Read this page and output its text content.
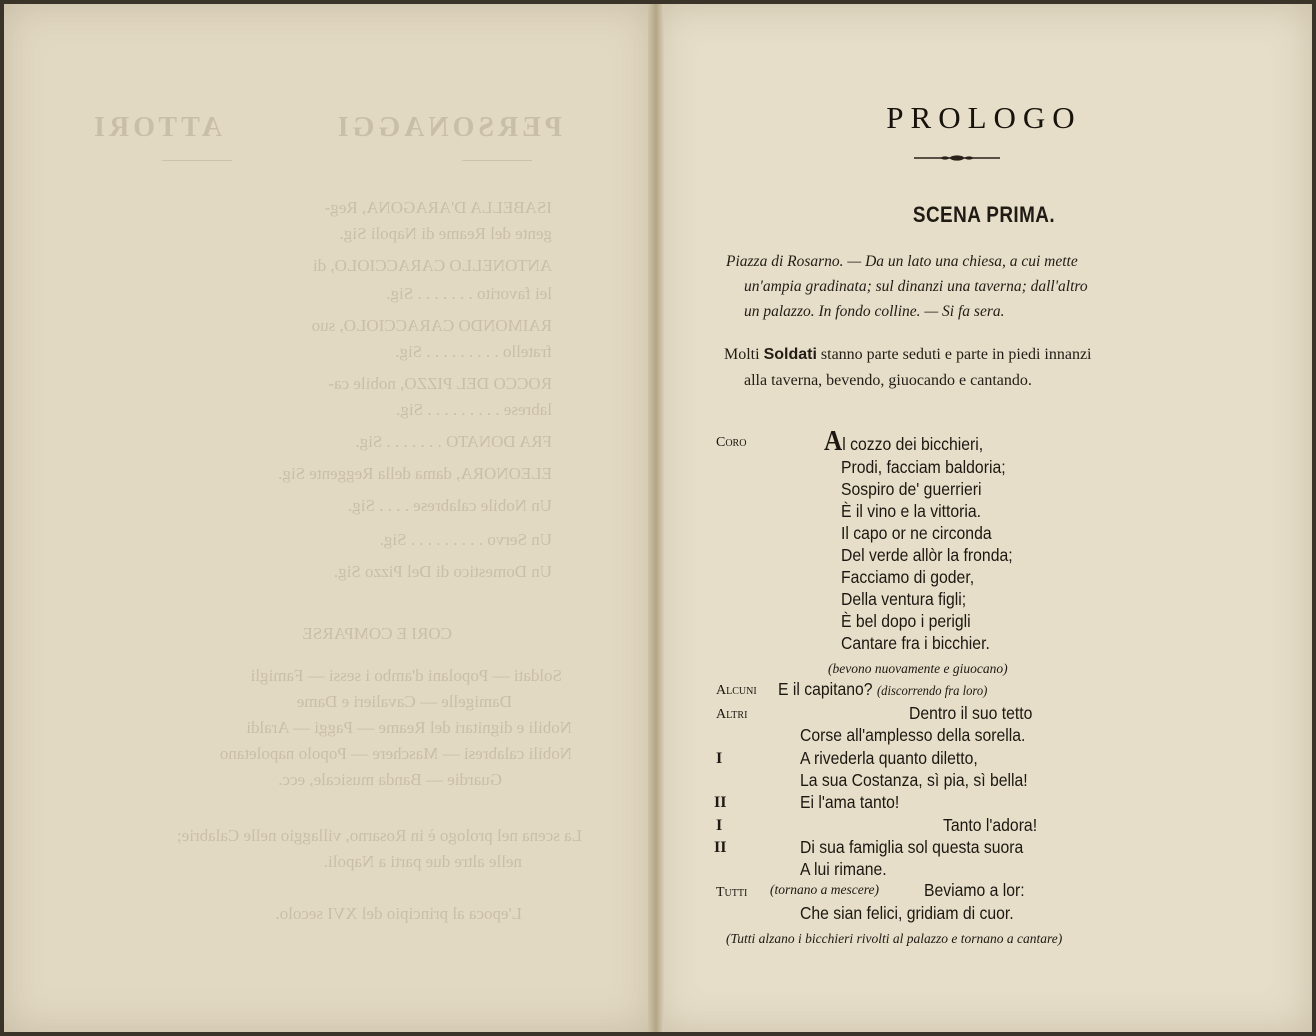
PERSONAGGI
ATTORI
ISABELLA D'ARAGONA, Reg-
gente del Reame di Napoli Sig.
ANTONELLO CARACCIOLO, di
lei favorito . . . . . . . Sig.
RAIMONDO CARACCIOLO, suo
fratello . . . . . . . . . Sig.
ROCCO DEL PIZZO, nobile ca-
labrese . . . . . . . . . Sig.
FRA DONATO . . . . . . . Sig.
ELEONORA, dama della Reggente Sig.
Un Nobile calabrese . . . . Sig.
Un Servo . . . . . . . . . Sig.
Un Domestico di Del Pizzo Sig.
CORI E COMPARSE
Soldati — Popolani d'ambo i sessi — Famigli
Damigelle — Cavalieri e Dame
Nobili e dignitari del Reame — Paggi — Araldi
Nobili calabresi — Maschere — Popolo napoletano
Guardie — Banda musicale, ecc.
La scena nel prologo è in Rosarno, villaggio nelle Calabrie;
nelle altre due parti a Napoli.
L'epoca al principio del XVI secolo.
PROLOGO
SCENA PRIMA.
Piazza di Rosarno. — Da un lato una chiesa, a cui mette
un'ampia gradinata; sul dinanzi una taverna; dall'altro
un palazzo. In fondo colline. — Si fa sera.
Molti Soldati stanno parte seduti e parte in piedi innanzi
alla taverna, bevendo, giuocando e cantando.
Coro	Al cozzo dei bicchieri,
Prodi, facciam baldoria;
Sospiro de' guerrieri
È il vino e la vittoria.
Il capo or ne circonda
Del verde allòr la fronda;
Facciamo di goder,
Della ventura figli;
È bel dopo i perigli
Cantare fra i bicchier.
(bevono nuovamente e giuocano)
Alcuni E il capitano? (discorrendo fra loro)
Altri	Dentro il suo tetto
Corse all'amplesso della sorella.
I	A rivederla quanto diletto,
La sua Costanza, sì pia, sì bella!
II	Ei l'ama tanto!
I	Tanto l'adora!
II	Di sua famiglia sol questa suora
A lui rimane.
Tutti (tornano a mescere)	Beviamo a lor:
Che sian felici, gridiam di cuor.
(Tutti alzano i bicchieri rivolti al palazzo e tornano a cantare)
